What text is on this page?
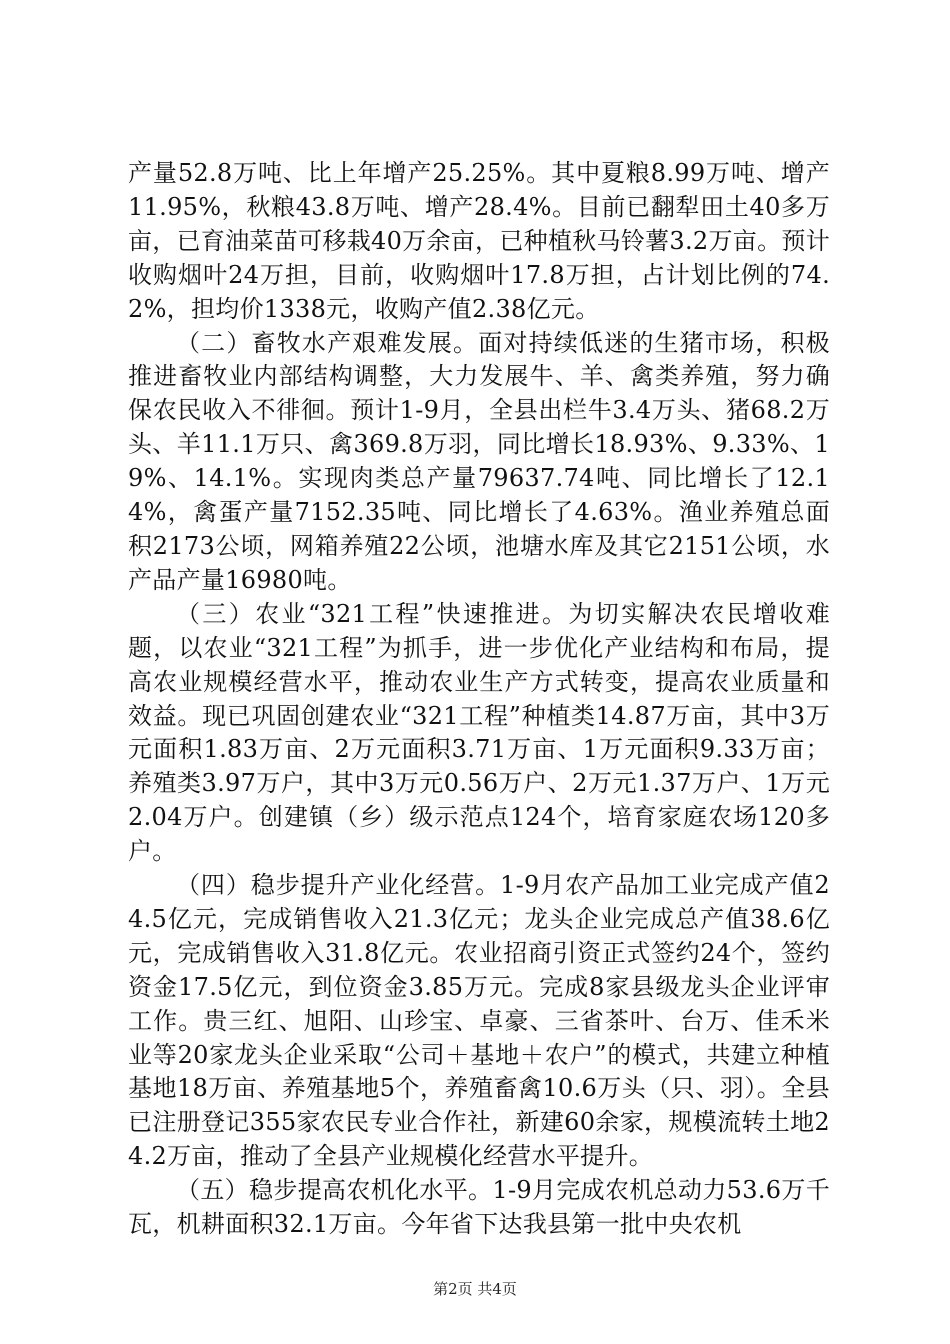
产量52.8万吨、比上年增产25.25%。其中夏粮8.99万吨、增产11.95%，秋粮43.8万吨、增产28.4%。目前已翻犁田土40多万亩，已育油菜苗可移栽40万余亩，已种植秋马铃薯3.2万亩。预计收购烟叶24万担，目前，收购烟叶17.8万担，占计划比例的74.2%，担均价1338元，收购产值2.38亿元。

（二）畜牧水产艰难发展。面对持续低迷的生猪市场，积极推进畜牧业内部结构调整，大力发展牛、羊、禽类养殖，努力确保农民收入不徘徊。预计1-9月，全县出栏牛3.4万头、猪68.2万头、羊11.1万只、禽369.8万羽，同比增长18.93%、9.33%、19%、14.1%。实现肉类总产量79637.74吨、同比增长了12.14%，禽蛋产量7152.35吨、同比增长了4.63%。渔业养殖总面积2173公顷，网箱养殖22公顷，池塘水库及其它2151公顷，水产品产量16980吨。

（三）农业“321工程”快速推进。为切实解决农民增收难题，以农业“321工程”为抓手，进一步优化产业结构和布局，提高农业规模经营水平，推动农业生产方式转变，提高农业质量和效益。现已巩固创建农业“321工程”种植类14.87万亩，其中3万元面积1.83万亩、2万元面积3.71万亩、1万元面积9.33万亩；养殖类3.97万户，其中3万元0.56万户、2万元1.37万户、1万元2.04万户。创建镇（乡）级示范点124个，培育家庭农场120多户。

（四）稳步提升产业化经营。1-9月农产品加工业完成产值24.5亿元，完成销售收入21.3亿元；龙头企业完成总产值38.6亿元，完成销售收入31.8亿元。农业招商引资正式签约24个，签约资金17.5亿元，到位资金3.85万元。完成8家县级龙头企业评审工作。贵三红、旭阳、山珍宝、卓豪、三省茶叶、台万、佳禾米业等20家龙头企业采取“公司＋基地＋农户”的模式，共建立种植基地18万亩、养殖基地5个，养殖畜禽10.6万头（只、羽）。全县已注册登记355家农民专业合作社，新建60余家，规模流转土地24.2万亩，推动了全县产业规模化经营水平提升。

（五）稳步提高农机化水平。1-9月完成农机总动力53.6万千瓦，机耕面积32.1万亩。今年省下达我县第一批中央农机

第2页 共4页
